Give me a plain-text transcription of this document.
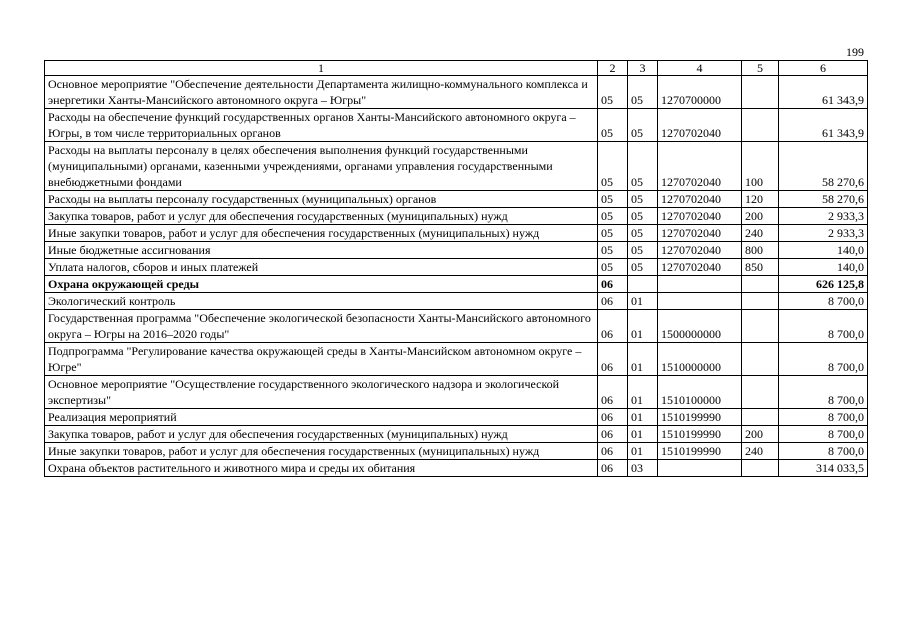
199
1	2	3	4	5	6
Основное мероприятие "Обеспечение деятельности Департамента жилищно-коммунального комплекса и энергетики Ханты-Мансийского автономного округа – Югры"	05	05	1270700000		61 343,9
Расходы на обеспечение функций государственных органов Ханты-Мансийского автономного округа – Югры, в том числе территориальных органов	05	05	1270702040		61 343,9
Расходы на выплаты персоналу в целях обеспечения выполнения функций государственными (муниципальными) органами, казенными учреждениями, органами управления государственными внебюджетными фондами	05	05	1270702040	100	58 270,6
Расходы на выплаты персоналу государственных (муниципальных) органов	05	05	1270702040	120	58 270,6
Закупка товаров, работ и услуг для обеспечения государственных (муниципальных) нужд	05	05	1270702040	200	2 933,3
Иные закупки товаров, работ и услуг для обеспечения государственных (муниципальных) нужд	05	05	1270702040	240	2 933,3
Иные бюджетные ассигнования	05	05	1270702040	800	140,0
Уплата налогов, сборов и иных платежей	05	05	1270702040	850	140,0
Охрана окружающей среды	06				626 125,8
Экологический контроль	06	01			8 700,0
Государственная программа "Обеспечение экологической безопасности Ханты-Мансийского автономного округа – Югры на 2016–2020 годы"	06	01	1500000000		8 700,0
Подпрограмма "Регулирование качества окружающей среды в Ханты-Мансийском автономном округе – Югре"	06	01	1510000000		8 700,0
Основное мероприятие "Осуществление государственного экологического надзора и экологической экспертизы"	06	01	1510100000		8 700,0
Реализация мероприятий	06	01	1510199990		8 700,0
Закупка товаров, работ и услуг для обеспечения государственных (муниципальных) нужд	06	01	1510199990	200	8 700,0
Иные закупки товаров, работ и услуг для обеспечения государственных (муниципальных) нужд	06	01	1510199990	240	8 700,0
Охрана объектов растительного и животного мира и среды их обитания	06	03			314 033,5
